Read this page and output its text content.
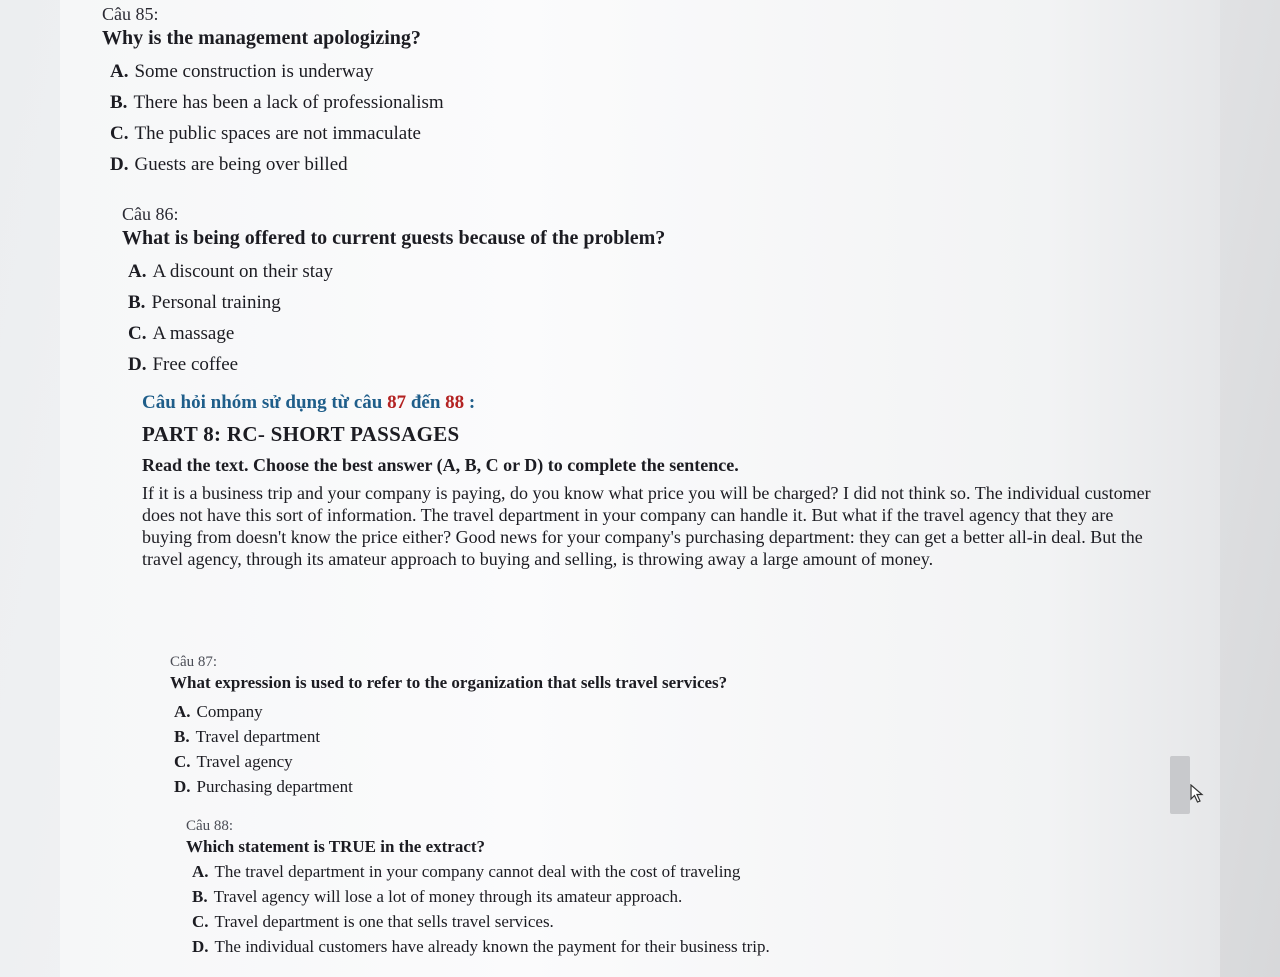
Câu 85:

Why is the management apologizing?

A. Some construction is underway

B. There has been a lack of professionalism

C. The public spaces are not immaculate

D. Guests are being over billed

Câu 86:

What is being offered to current guests because of the problem?

A. A discount on their stay

B. Personal training

C. A massage

D. Free coffee

Câu hỏi nhóm sử dụng từ câu 87 đến 88 :
PART 8: RC- SHORT PASSAGES
Read the text. Choose the best answer (A, B, C or D) to complete the sentence.
If it is a business trip and your company is paying, do you know what price you will be charged? I did not think so. The individual customer does not have this sort of information. The travel department in your company can handle it. But what if the travel agency that they are buying from doesn't know the price either? Good news for your company's purchasing department: they can get a better all-in deal. But the travel agency, through its amateur approach to buying and selling, is throwing away a large amount of money.

Câu 87:

What expression is used to refer to the organization that sells travel services?

A. Company

B. Travel department

C. Travel agency

D. Purchasing department

Câu 88:

Which statement is TRUE in the extract?

A. The travel department in your company cannot deal with the cost of traveling

B. Travel agency will lose a lot of money through its amateur approach.

C. Travel department is one that sells travel services.

D. The individual customers have already known the payment for their business trip.
